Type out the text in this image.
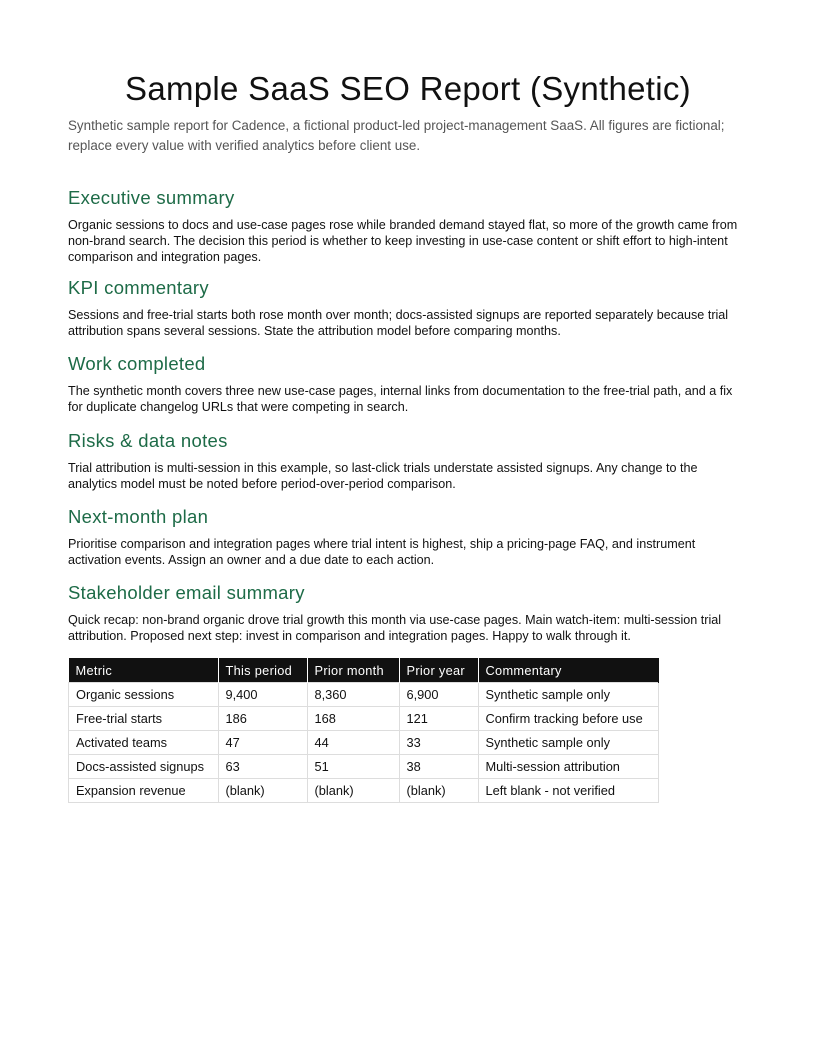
Sample SaaS SEO Report (Synthetic)

Synthetic sample report for Cadence, a fictional product-led project-management SaaS. All figures are fictional; replace every value with verified analytics before client use.

Executive summary

Organic sessions to docs and use-case pages rose while branded demand stayed flat, so more of the growth came from non-brand search. The decision this period is whether to keep investing in use-case content or shift effort to high-intent comparison and integration pages.

KPI commentary

Sessions and free-trial starts both rose month over month; docs-assisted signups are reported separately because trial attribution spans several sessions. State the attribution model before comparing months.

Work completed

The synthetic month covers three new use-case pages, internal links from documentation to the free-trial path, and a fix for duplicate changelog URLs that were competing in search.

Risks & data notes

Trial attribution is multi-session in this example, so last-click trials understate assisted signups. Any change to the analytics model must be noted before period-over-period comparison.

Next-month plan

Prioritise comparison and integration pages where trial intent is highest, ship a pricing-page FAQ, and instrument activation events. Assign an owner and a due date to each action.

Stakeholder email summary

Quick recap: non-brand organic drove trial growth this month via use-case pages. Main watch-item: multi-session trial attribution. Proposed next step: invest in comparison and integration pages. Happy to walk through it.

Metric	This period	Prior month	Prior year	Commentary
Organic sessions	9,400	8,360	6,900	Synthetic sample only
Free-trial starts	186	168	121	Confirm tracking before use
Activated teams	47	44	33	Synthetic sample only
Docs-assisted signups	63	51	38	Multi-session attribution
Expansion revenue	(blank)	(blank)	(blank)	Left blank - not verified
